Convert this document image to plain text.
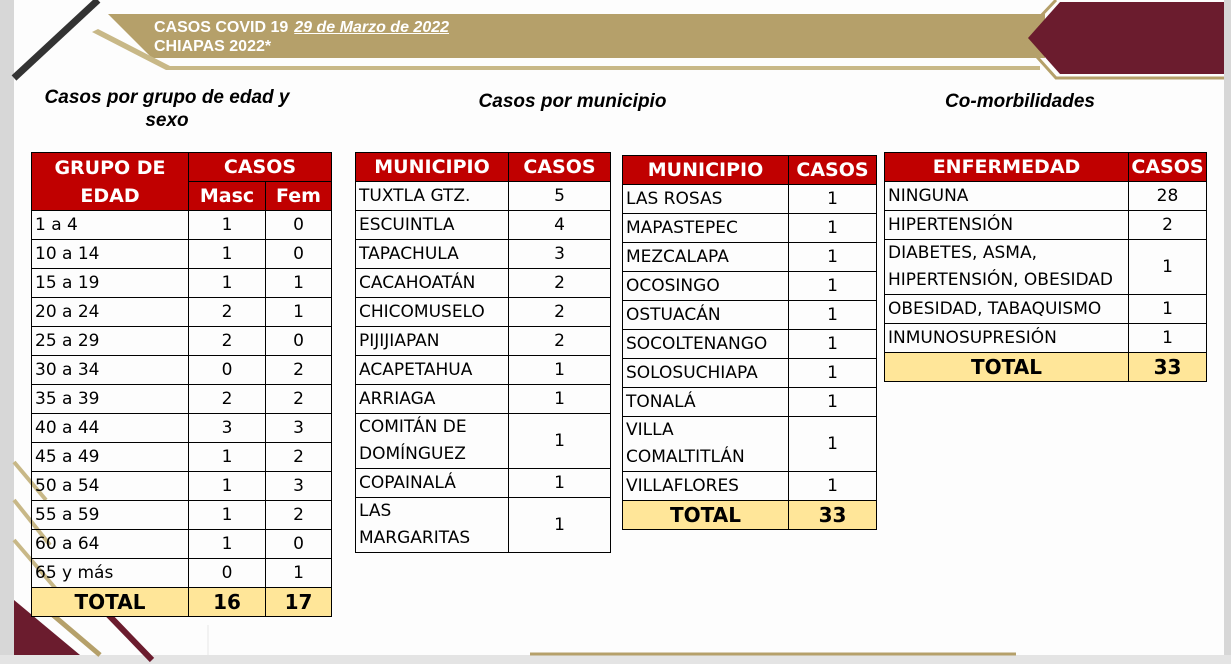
CASOS COVID 19 29 de Marzo de 2022
CHIAPAS 2022*
Casos por grupo de edad y sexo
Casos por municipio	Co-morbilidades
GRUPO DE EDAD	CASOS	
	Masc	Fem
1 a 4	1	0
10 a 14	1	0
15 a 19	1	1
20 a 24	2	1
25 a 29	2	0
30 a 34	0	2
35 a 39	2	2
40 a 44	3	3
45 a 49	1	2
50 a 54	1	3
55 a 59	1	2
60 a 64	1	0
65 y más	0	1
TOTAL	16	17
MUNICIPIO	CASOS
TUXTLA GTZ.	5
ESCUINTLA	4
TAPACHULA	3
CACAHOATÁN	2
CHICOMUSELO	2
PIJIJIAPAN	2
ACAPETAHUA	1
ARRIAGA	1
COMITÁN DE DOMÍNGUEZ	1
COPAINALÁ	1
LAS MARGARITAS	1
MUNICIPIO	CASOS
LAS ROSAS	1
MAPASTEPEC	1
MEZCALAPA	1
OCOSINGO	1
OSTUACÁN	1
SOCOLTENANGO	1
SOLOSUCHIAPA	1
TONALÁ	1
VILLA COMALTITLÁN	1
VILLAFLORES	1
TOTAL	33
ENFERMEDAD	CASOS
NINGUNA	28
HIPERTENSIÓN	2
DIABETES, ASMA, HIPERTENSIÓN, OBESIDAD	1
OBESIDAD, TABAQUISMO	1
INMUNOSUPRESIÓN	1
TOTAL	33
